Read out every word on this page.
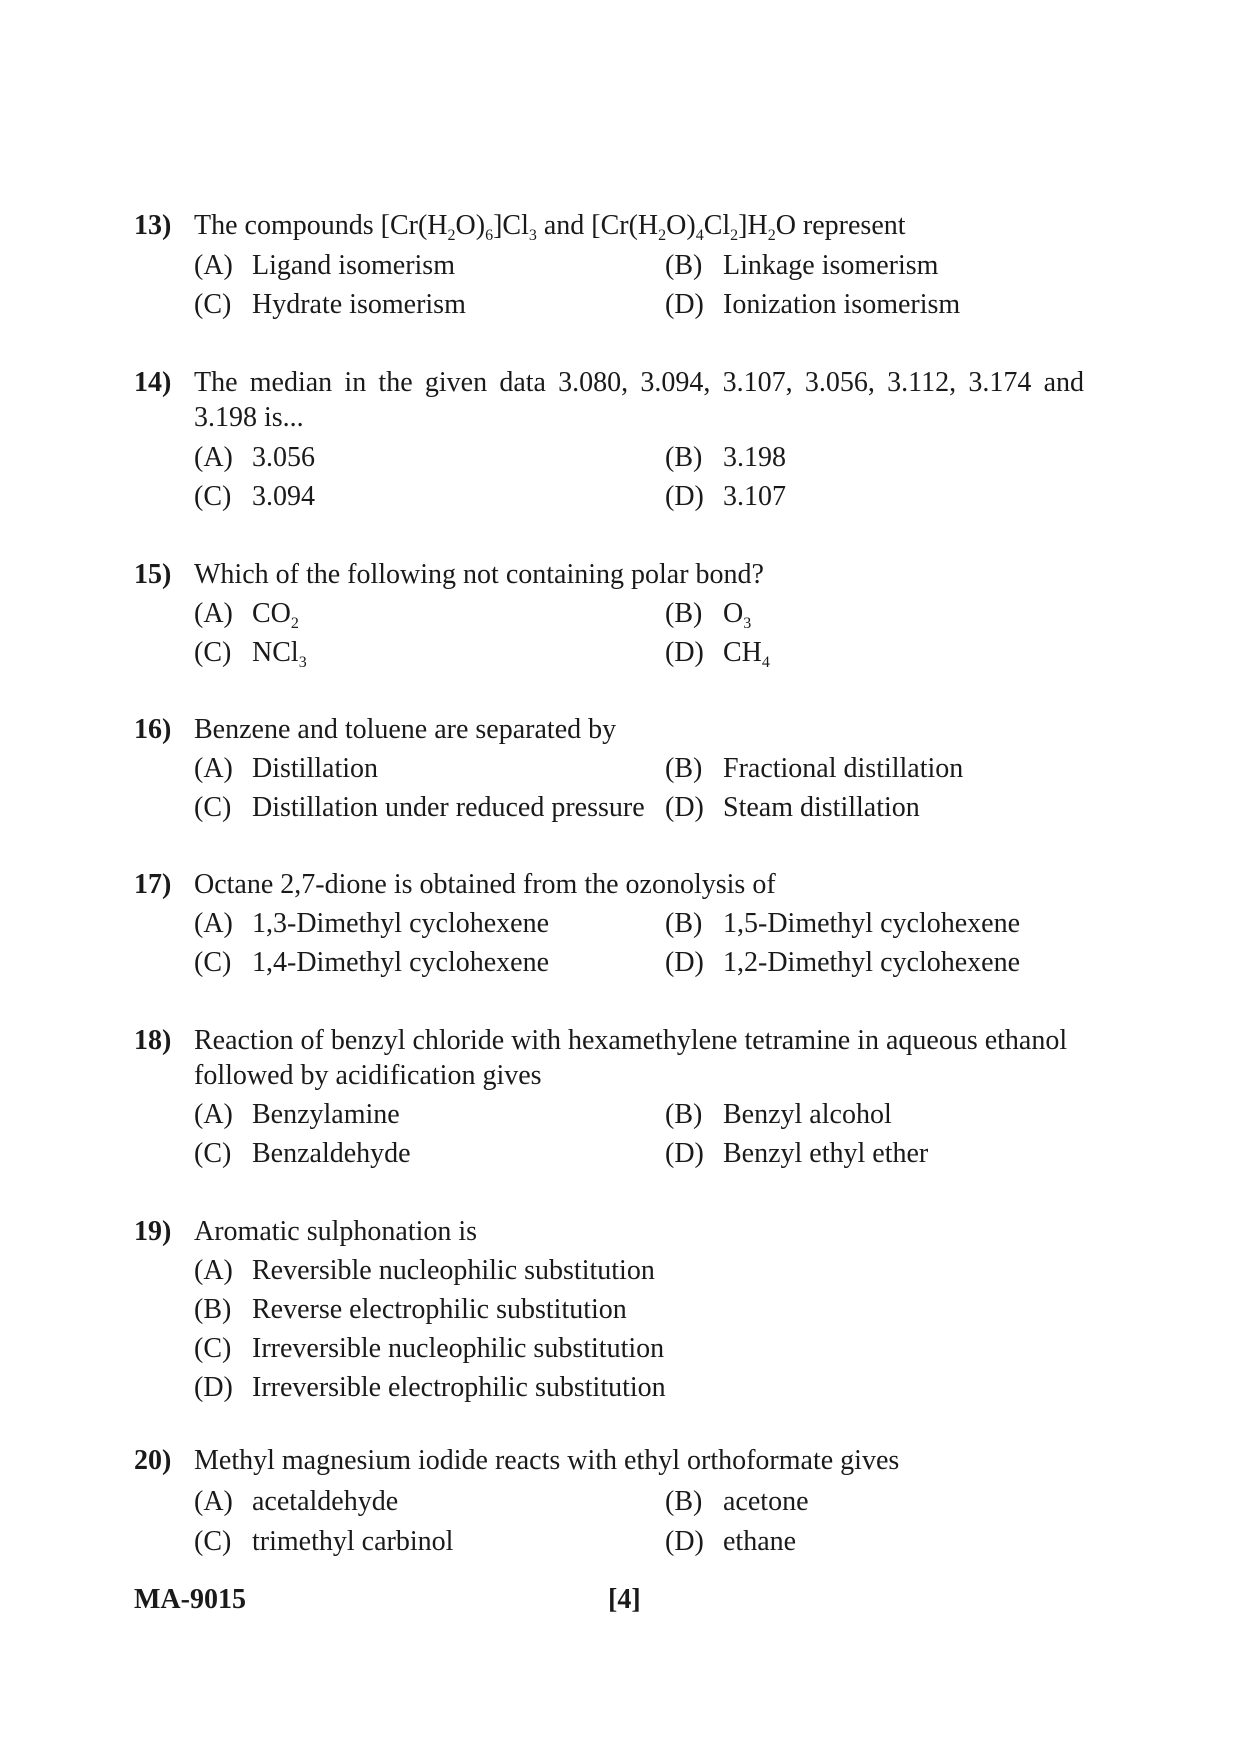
13) The compounds $[Cr(H_2O)_6]Cl_3$ and $[Cr(H_2O)_4Cl_2]H_2O$ represent
(A) Ligand isomerism	(B) Linkage isomerism
(C) Hydrate isomerism	(D) Ionization isomerism
14) The median in the given data 3.080, 3.094, 3.107, 3.056, 3.112, 3.174 and 3.198 is...
(A) 3.056	(B) 3.198
(C) 3.094	(D) 3.107
15) Which of the following not containing polar bond?
(A) $CO_2$	(B) $O_3$
(C) NCl$_3$	(D) $CH_4$
16) Benzene and toluene are separated by
(A) Distillation	(B) Fractional distillation
(C) Distillation under reduced pressure (D) Steam distillation
17) Octane 2,7-dione is obtained from the ozonolysis of
(A) 1,3-Dimethyl cyclohexene	(B) 1,5-Dimethyl cyclohexene
(C) 1,4-Dimethyl cyclohexene	(D) 1,2-Dimethyl cyclohexene
18) Reaction of benzyl chloride with hexamethylene tetramine in aqueous ethanol
followed by acidification gives
(A) Benzylamine	(B) Benzyl alcohol
(C) Benzaldehyde	(D) Benzyl ethyl ether
19) Aromatic sulphonation is
(A) Reversible nucleophilic substitution
(B) Reverse electrophilic substitution
(C) Irreversible nucleophilic substitution
(D) Irreversible electrophilic substitution
20) Methyl magnesium iodide reacts with ethyl orthoformate gives
(A) acetaldehyde	(B) acetone
(C) trimethyl carbinol	(D) ethane
MA-9015	[4]
